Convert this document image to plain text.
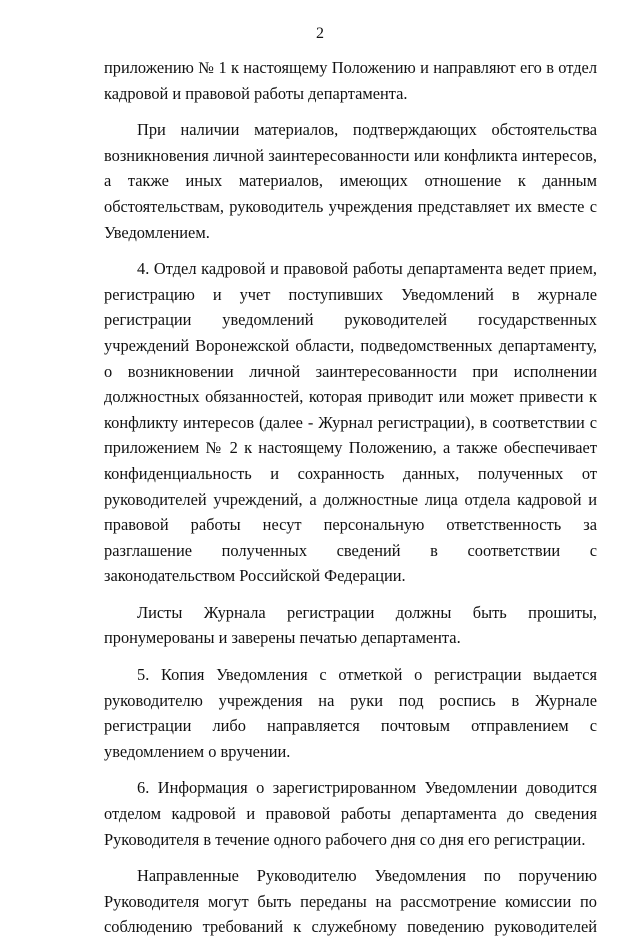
2

приложению № 1 к настоящему Положению и направляют его в отдел кадровой и правовой работы департамента.

При наличии материалов, подтверждающих обстоятельства возникновения личной заинтересованности или конфликта интересов, а также иных материалов, имеющих отношение к данным обстоятельствам, руководитель учреждения представляет их вместе с Уведомлением.

4. Отдел кадровой и правовой работы департамента ведет прием, регистрацию и учет поступивших Уведомлений в журнале регистрации уведомлений руководителей государственных учреждений Воронежской области, подведомственных департаменту, о возникновении личной заинтересованности при исполнении должностных обязанностей, которая приводит или может привести к конфликту интересов (далее - Журнал регистрации), в соответствии с приложением № 2 к настоящему Положению, а также обеспечивает конфиденциальность и сохранность данных, полученных от руководителей учреждений, а должностные лица отдела кадровой и правовой работы несут персональную ответственность за разглашение полученных сведений в соответствии с законодательством Российской Федерации.

Листы Журнала регистрации должны быть прошиты, пронумерованы и заверены печатью департамента.

5. Копия Уведомления с отметкой о регистрации выдается руководителю учреждения на руки под роспись в Журнале регистрации либо направляется почтовым отправлением с уведомлением о вручении.

6. Информация о зарегистрированном Уведомлении доводится отделом кадровой и правовой работы департамента до сведения Руководителя в течение одного рабочего дня со дня его регистрации.

Направленные Руководителю Уведомления по поручению Руководителя могут быть переданы на рассмотрение комиссии по соблюдению требований к служебному поведению руководителей
